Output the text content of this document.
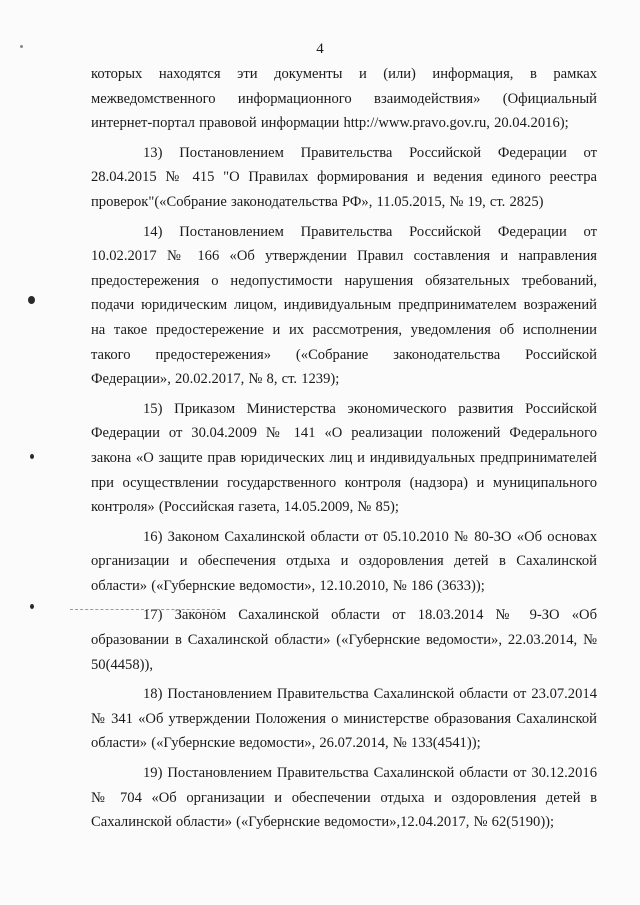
4

которых находятся эти документы и (или) информация, в рамках межведомственного информационного взаимодействия» (Официальный интернет-портал правовой информации http://www.pravo.gov.ru, 20.04.2016);

13) Постановлением Правительства Российской Федерации от 28.04.2015 № 415 "О Правилах формирования и ведения единого реестра проверок"(«Собрание законодательства РФ», 11.05.2015, № 19, ст. 2825)

14) Постановлением Правительства Российской Федерации от 10.02.2017 № 166 «Об утверждении Правил составления и направления предостережения о недопустимости нарушения обязательных требований, подачи юридическим лицом, индивидуальным предпринимателем возражений на такое предостережение и их рассмотрения, уведомления об исполнении такого предостережения» («Собрание законодательства Российской Федерации», 20.02.2017, № 8, ст. 1239);

15) Приказом Министерства экономического развития Российской Федерации от 30.04.2009 № 141 «О реализации положений Федерального закона «О защите прав юридических лиц и индивидуальных предпринимателей при осуществлении государственного контроля (надзора) и муниципального контроля» (Российская газета, 14.05.2009, № 85);

16) Законом Сахалинской области от 05.10.2010 № 80-ЗО «Об основах организации и обеспечения отдыха и оздоровления детей в Сахалинской области» («Губернские ведомости», 12.10.2010, № 186 (3633));

17) Законом Сахалинской области от 18.03.2014 № 9-ЗО «Об образовании в Сахалинской области» («Губернские ведомости», 22.03.2014, № 50(4458)),

18) Постановлением Правительства Сахалинской области от 23.07.2014 № 341 «Об утверждении Положения о министерстве образования Сахалинской области» («Губернские ведомости», 26.07.2014, № 133(4541));

19) Постановлением Правительства Сахалинской области от 30.12.2016 № 704 «Об организации и обеспечении отдыха и оздоровления детей в Сахалинской области» («Губернские ведомости»,12.04.2017, № 62(5190));
